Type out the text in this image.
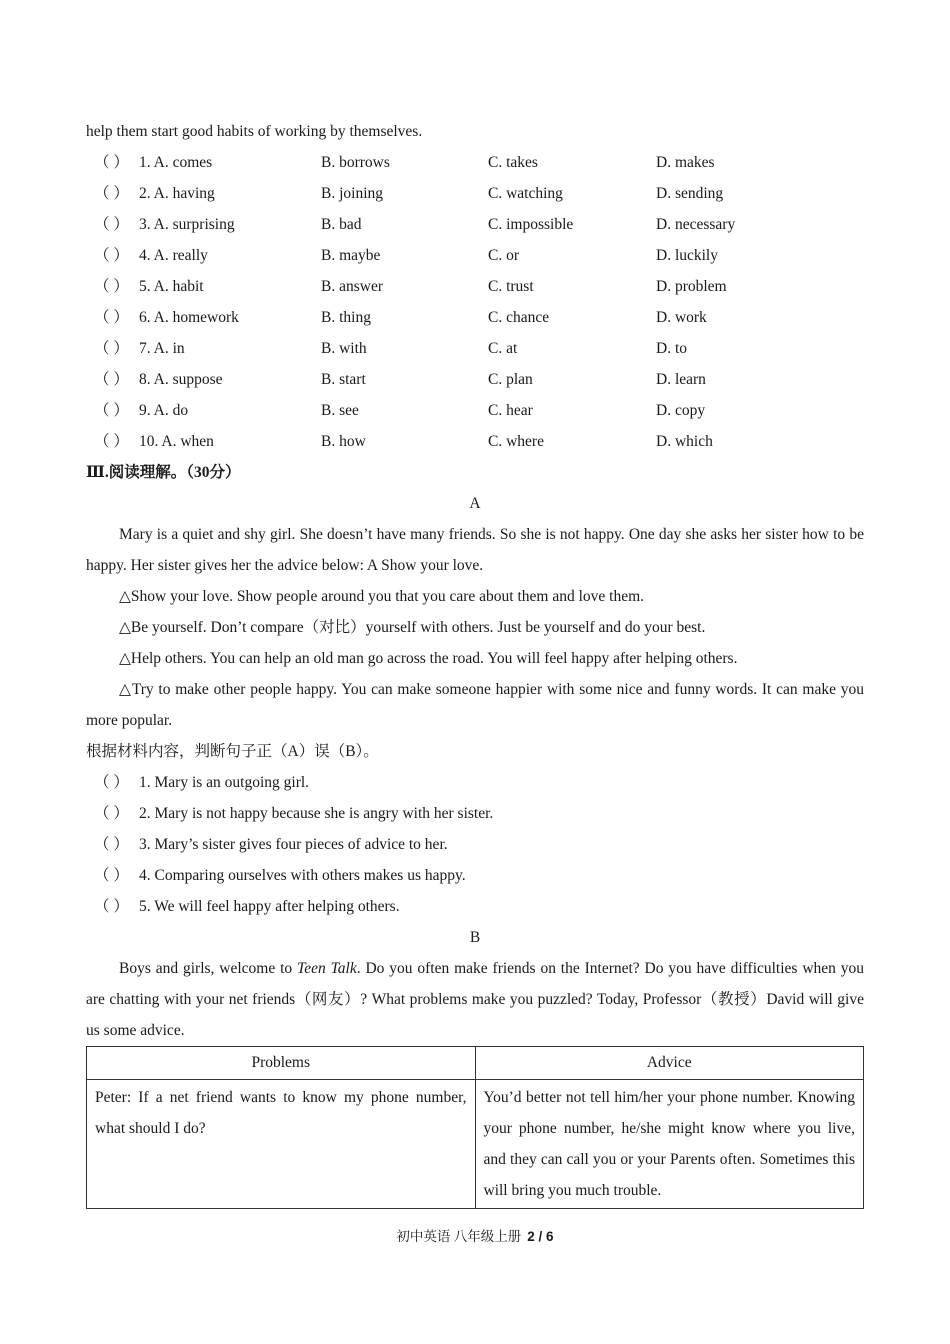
help them start good habits of working by themselves.
（ ） 1. A. comes	B. borrows	C. takes	D. makes
（ ） 2. A. having	B. joining	C. watching	D. sending
（ ） 3. A. surprising	B. bad	C. impossible	D. necessary
（ ） 4. A. really	B. maybe	C. or	D. luckily
（ ） 5. A. habit	B. answer	C. trust	D. problem
（ ） 6. A. homework	B. thing	C. chance	D. work
（ ） 7. A. in	B. with	C. at	D. to
（ ） 8. A. suppose	B. start	C. plan	D. learn
（ ） 9. A. do	B. see	C. hear	D. copy
（ ） 10. A. when	B. how	C. where	D. which
Ⅲ.阅读理解。（30分）
A
Mary is a quiet and shy girl. She doesn’t have many friends. So she is not happy. One day she asks her sister how to be happy. Her sister gives her the advice below: A Show your love.
△Show your love. Show people around you that you care about them and love them.
△Be yourself. Don’t compare（对比）yourself with others. Just be yourself and do your best.
△Help others. You can help an old man go across the road. You will feel happy after helping others.
△Try to make other people happy. You can make someone happier with some nice and funny words. It can make you more popular.
根据材料内容，判断句子正（A）误（B）。
（ ） 1. Mary is an outgoing girl.
（ ） 2. Mary is not happy because she is angry with her sister.
（ ） 3. Mary’s sister gives four pieces of advice to her.
（ ） 4. Comparing ourselves with others makes us happy.
（ ） 5. We will feel happy after helping others.
B
Boys and girls, welcome to Teen Talk. Do you often make friends on the Internet? Do you have difficulties when you are chatting with your net friends（网友）? What problems make you puzzled? Today, Professor（教授）David will give us some advice.
Problems	Advice
Peter: If a net friend wants to know my phone number, what should I do?	You’d better not tell him/her your phone number. Knowing your phone number, he/she might know where you live, and they can call you or your Parents often. Sometimes this will bring you much trouble.
初中英语 八年级上册 2 / 6
